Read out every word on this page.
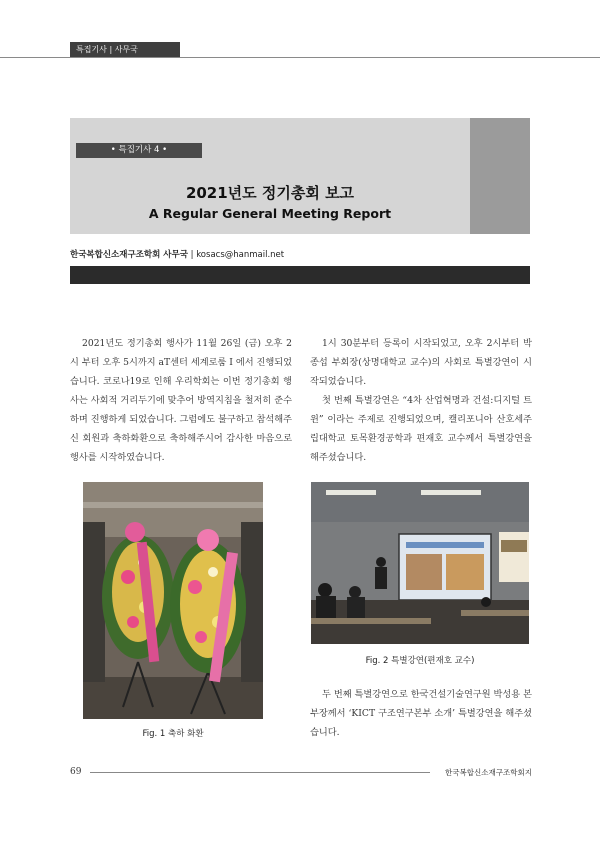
특집기사 | 사무국
• 특집기사 4 •
2021년도 정기총회 보고
A Regular General Meeting Report
한국복합신소재구조학회 사무국 | kosacs@hanmail.net

2021년도 정기총회 행사가 11월 26일 (금) 오후 2시 부터 오후 5시까지 aT센터 세계로룸 I 에서 진행되었습니다. 코로나19로 인해 우리학회는 이번 정기총회 행사는 사회적 거리두기에 맞추어 방역지침을 철저히 준수하며 진행하게 되었습니다. 그럼에도 불구하고 참석해주신 회원과 축하화환으로 축하해주시어 감사한 마음으로 행사를 시작하였습니다.

1시 30분부터 등록이 시작되었고, 오후 2시부터 박종섭 부회장(상명대학교 교수)의 사회로 특별강연이 시작되었습니다.

첫 번째 특별강연은 “4차 산업혁명과 건설:디지털 트윈” 이라는 주제로 진행되었으며, 캘리포니아 산호세주립대학교 토목환경공학과 편재호 교수께서 특별강연을 해주셨습니다.

Fig. 1 축하 화환
Fig. 2 특별강연(편재호 교수)

두 번째 특별강연으로 한국건설기술연구원 박성용 본부장께서 ‘KICT 구조연구본부 소개’ 특별강연을 해주셨습니다.

69	한국복합신소재구조학회지
